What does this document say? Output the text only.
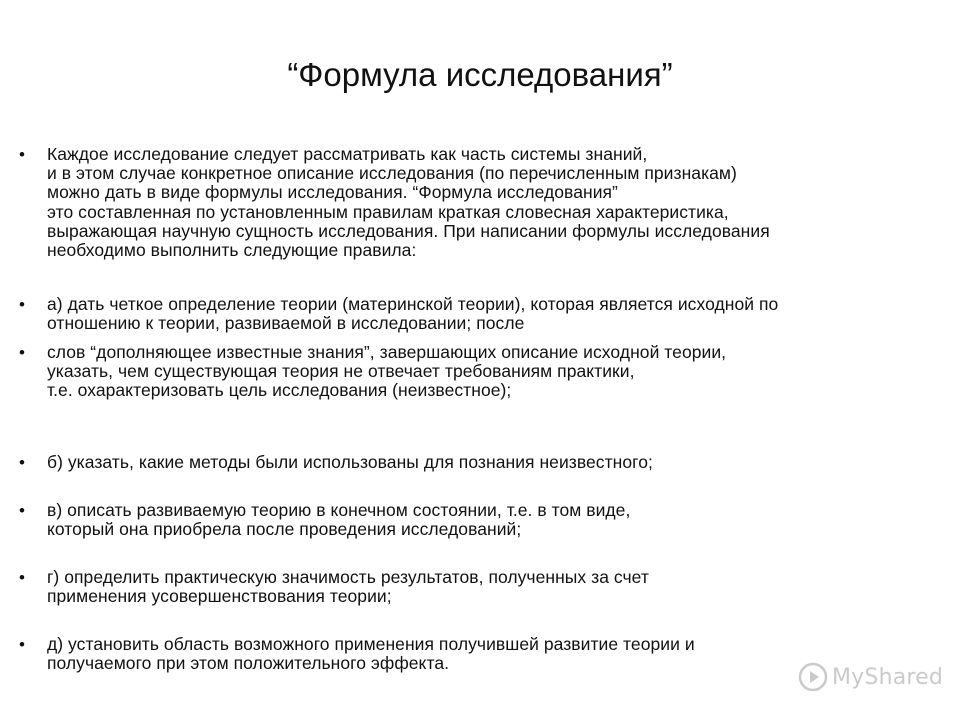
“Формула исследования”
• Каждое исследование следует рассматривать как часть системы знаний,
и в этом случае конкретное описание исследования (по перечисленным признакам)
можно дать в виде формулы исследования. “Формула исследования”
это составленная по установленным правилам краткая словесная характеристика,
выражающая научную сущность исследования. При написании формулы исследования
необходимо выполнить следующие правила:
• а) дать четкое определение теории (материнской теории), которая является исходной по
отношению к теории, развиваемой в исследовании; после
• слов “дополняющее известные знания”, завершающих описание исходной теории,
указать, чем существующая теория не отвечает требованиям практики,
т.е. охарактеризовать цель исследования (неизвестное);
• б) указать, какие методы были использованы для познания неизвестного;
• в) описать развиваемую теорию в конечном состоянии, т.е. в том виде,
который она приобрела после проведения исследований;
• г) определить практическую значимость результатов, полученных за счет
применения усовершенствования теории;
• д) установить область возможного применения получившей развитие теории и
получаемого при этом положительного эффекта.
MyShared
